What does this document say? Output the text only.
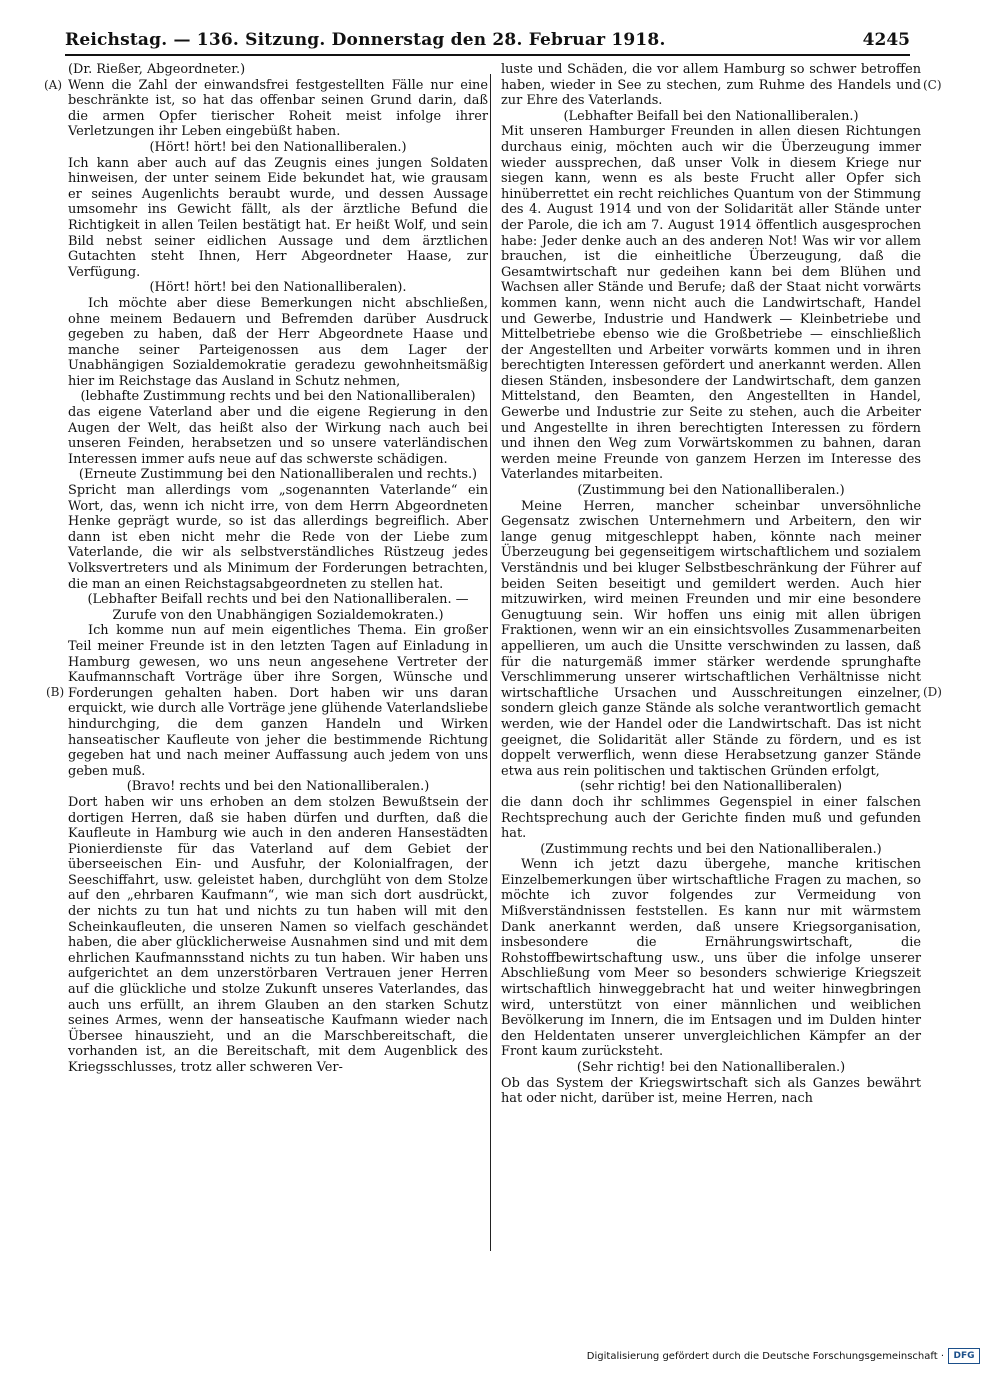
Reichstag. — 136. Sitzung. Donnerstag den 28. Februar 1918.	4245
(A)
(B)
(C)
(D)

(Dr. Rießer, Abgeordneter.)

Wenn die Zahl der einwandsfrei festgestellten Fälle nur eine beschränkte ist, so hat das offenbar seinen Grund darin, daß die armen Opfer tierischer Roheit meist infolge ihrer Verletzungen ihr Leben eingebüßt haben.

(Hört! hört! bei den Nationalliberalen.)

Ich kann aber auch auf das Zeugnis eines jungen Soldaten hinweisen, der unter seinem Eide bekundet hat, wie grausam er seines Augenlichts beraubt wurde, und dessen Aussage umsomehr ins Gewicht fällt, als der ärztliche Befund die Richtigkeit in allen Teilen bestätigt hat. Er heißt Wolf, und sein Bild nebst seiner eidlichen Aussage und dem ärztlichen Gutachten steht Ihnen, Herr Abgeordneter Haase, zur Verfügung.

(Hört! hört! bei den Nationalliberalen).

Ich möchte aber diese Bemerkungen nicht abschließen, ohne meinem Bedauern und Befremden darüber Ausdruck gegeben zu haben, daß der Herr Abgeordnete Haase und manche seiner Parteigenossen aus dem Lager der Unabhängigen Sozialdemokratie geradezu gewohnheitsmäßig hier im Reichstage das Ausland in Schutz nehmen,

(lebhafte Zustimmung rechts und bei den Nationalliberalen)

das eigene Vaterland aber und die eigene Regierung in den Augen der Welt, das heißt also der Wirkung nach auch bei unseren Feinden, herabsetzen und so unsere vaterländischen Interessen immer aufs neue auf das schwerste schädigen.

(Erneute Zustimmung bei den Nationalliberalen und rechts.)

Spricht man allerdings vom „sogenannten Vaterlande“ ein Wort, das, wenn ich nicht irre, von dem Herrn Abgeordneten Henke geprägt wurde, so ist das allerdings begreiflich. Aber dann ist eben nicht mehr die Rede von der Liebe zum Vaterlande, die wir als selbstverständliches Rüstzeug jedes Volksvertreters und als Minimum der Forderungen betrachten, die man an einen Reichstagsabgeordneten zu stellen hat.

(Lebhafter Beifall rechts und bei den Nationalliberalen. — Zurufe von den Unabhängigen Sozialdemokraten.)

Ich komme nun auf mein eigentliches Thema. Ein großer Teil meiner Freunde ist in den letzten Tagen auf Einladung in Hamburg gewesen, wo uns neun angesehene Vertreter der Kaufmannschaft Vorträge über ihre Sorgen, Wünsche und Forderungen gehalten haben. Dort haben wir uns daran erquickt, wie durch alle Vorträge jene glühende Vaterlandsliebe hindurchging, die dem ganzen Handeln und Wirken hanseatischer Kaufleute von jeher die bestimmende Richtung gegeben hat und nach meiner Auffassung auch jedem von uns geben muß.

(Bravo! rechts und bei den Nationalliberalen.)

Dort haben wir uns erhoben an dem stolzen Bewußtsein der dortigen Herren, daß sie haben dürfen und durften, daß die Kaufleute in Hamburg wie auch in den anderen Hansestädten Pionierdienste für das Vaterland auf dem Gebiet der überseeischen Ein- und Ausfuhr, der Kolonialfragen, der Seeschiffahrt, usw. geleistet haben, durchglüht von dem Stolze auf den „ehrbaren Kaufmann“, wie man sich dort ausdrückt, der nichts zu tun hat und nichts zu tun haben will mit den Scheinkaufleuten, die unseren Namen so vielfach geschändet haben, die aber glücklicherweise Ausnahmen sind und mit dem ehrlichen Kaufmannsstand nichts zu tun haben. Wir haben uns aufgerichtet an dem unzerstörbaren Vertrauen jener Herren auf die glückliche und stolze Zukunft unseres Vaterlandes, das auch uns erfüllt, an ihrem Glauben an den starken Schutz seines Armes, wenn der hanseatische Kaufmann wieder nach Übersee hinauszieht, und an die Marschbereitschaft, die vorhanden ist, an die Bereitschaft, mit dem Augenblick des Kriegsschlusses, trotz aller schweren Ver-

luste und Schäden, die vor allem Hamburg so schwer betroffen haben, wieder in See zu stechen, zum Ruhme des Handels und zur Ehre des Vaterlands.

(Lebhafter Beifall bei den Nationalliberalen.)

Mit unseren Hamburger Freunden in allen diesen Richtungen durchaus einig, möchten auch wir die Überzeugung immer wieder aussprechen, daß unser Volk in diesem Kriege nur siegen kann, wenn es als beste Frucht aller Opfer sich hinüberrettet ein recht reichliches Quantum von der Stimmung des 4. August 1914 und von der Solidarität aller Stände unter der Parole, die ich am 7. August 1914 öffentlich ausgesprochen habe: Jeder denke auch an des anderen Not! Was wir vor allem brauchen, ist die einheitliche Überzeugung, daß die Gesamtwirtschaft nur gedeihen kann bei dem Blühen und Wachsen aller Stände und Berufe; daß der Staat nicht vorwärts kommen kann, wenn nicht auch die Landwirtschaft, Handel und Gewerbe, Industrie und Handwerk — Kleinbetriebe und Mittelbetriebe ebenso wie die Großbetriebe — einschließlich der Angestellten und Arbeiter vorwärts kommen und in ihren berechtigten Interessen gefördert und anerkannt werden. Allen diesen Ständen, insbesondere der Landwirtschaft, dem ganzen Mittelstand, den Beamten, den Angestellten in Handel, Gewerbe und Industrie zur Seite zu stehen, auch die Arbeiter und Angestellte in ihren berechtigten Interessen zu fördern und ihnen den Weg zum Vorwärtskommen zu bahnen, daran werden meine Freunde von ganzem Herzen im Interesse des Vaterlandes mitarbeiten.

(Zustimmung bei den Nationalliberalen.)

Meine Herren, mancher scheinbar unversöhnliche Gegensatz zwischen Unternehmern und Arbeitern, den wir lange genug mitgeschleppt haben, könnte nach meiner Überzeugung bei gegenseitigem wirtschaftlichem und sozialem Verständnis und bei kluger Selbstbeschränkung der Führer auf beiden Seiten beseitigt und gemildert werden. Auch hier mitzuwirken, wird meinen Freunden und mir eine besondere Genugtuung sein. Wir hoffen uns einig mit allen übrigen Fraktionen, wenn wir an ein einsichtsvolles Zusammenarbeiten appellieren, um auch die Unsitte verschwinden zu lassen, daß für die naturgemäß immer stärker werdende sprunghafte Verschlimmerung unserer wirtschaftlichen Verhältnisse nicht wirtschaftliche Ursachen und Ausschreitungen einzelner, sondern gleich ganze Stände als solche verantwortlich gemacht werden, wie der Handel oder die Landwirtschaft. Das ist nicht geeignet, die Solidarität aller Stände zu fördern, und es ist doppelt verwerflich, wenn diese Herabsetzung ganzer Stände etwa aus rein politischen und taktischen Gründen erfolgt,

(sehr richtig! bei den Nationalliberalen)

die dann doch ihr schlimmes Gegenspiel in einer falschen Rechtsprechung auch der Gerichte finden muß und gefunden hat.

(Zustimmung rechts und bei den Nationalliberalen.)

Wenn ich jetzt dazu übergehe, manche kritischen Einzelbemerkungen über wirtschaftliche Fragen zu machen, so möchte ich zuvor folgendes zur Vermeidung von Mißverständnissen feststellen. Es kann nur mit wärmstem Dank anerkannt werden, daß unsere Kriegsorganisation, insbesondere die Ernährungswirtschaft, die Rohstoffbewirtschaftung usw., uns über die infolge unserer Abschließung vom Meer so besonders schwierige Kriegszeit wirtschaftlich hinweggebracht hat und weiter hinwegbringen wird, unterstützt von einer männlichen und weiblichen Bevölkerung im Innern, die im Entsagen und im Dulden hinter den Heldentaten unserer unvergleichlichen Kämpfer an der Front kaum zurücksteht.

(Sehr richtig! bei den Nationalliberalen.)

Ob das System der Kriegswirtschaft sich als Ganzes bewährt hat oder nicht, darüber ist, meine Herren, nach

Digitalisierung gefördert durch die Deutsche Forschungsgemeinschaft ·	DFG
